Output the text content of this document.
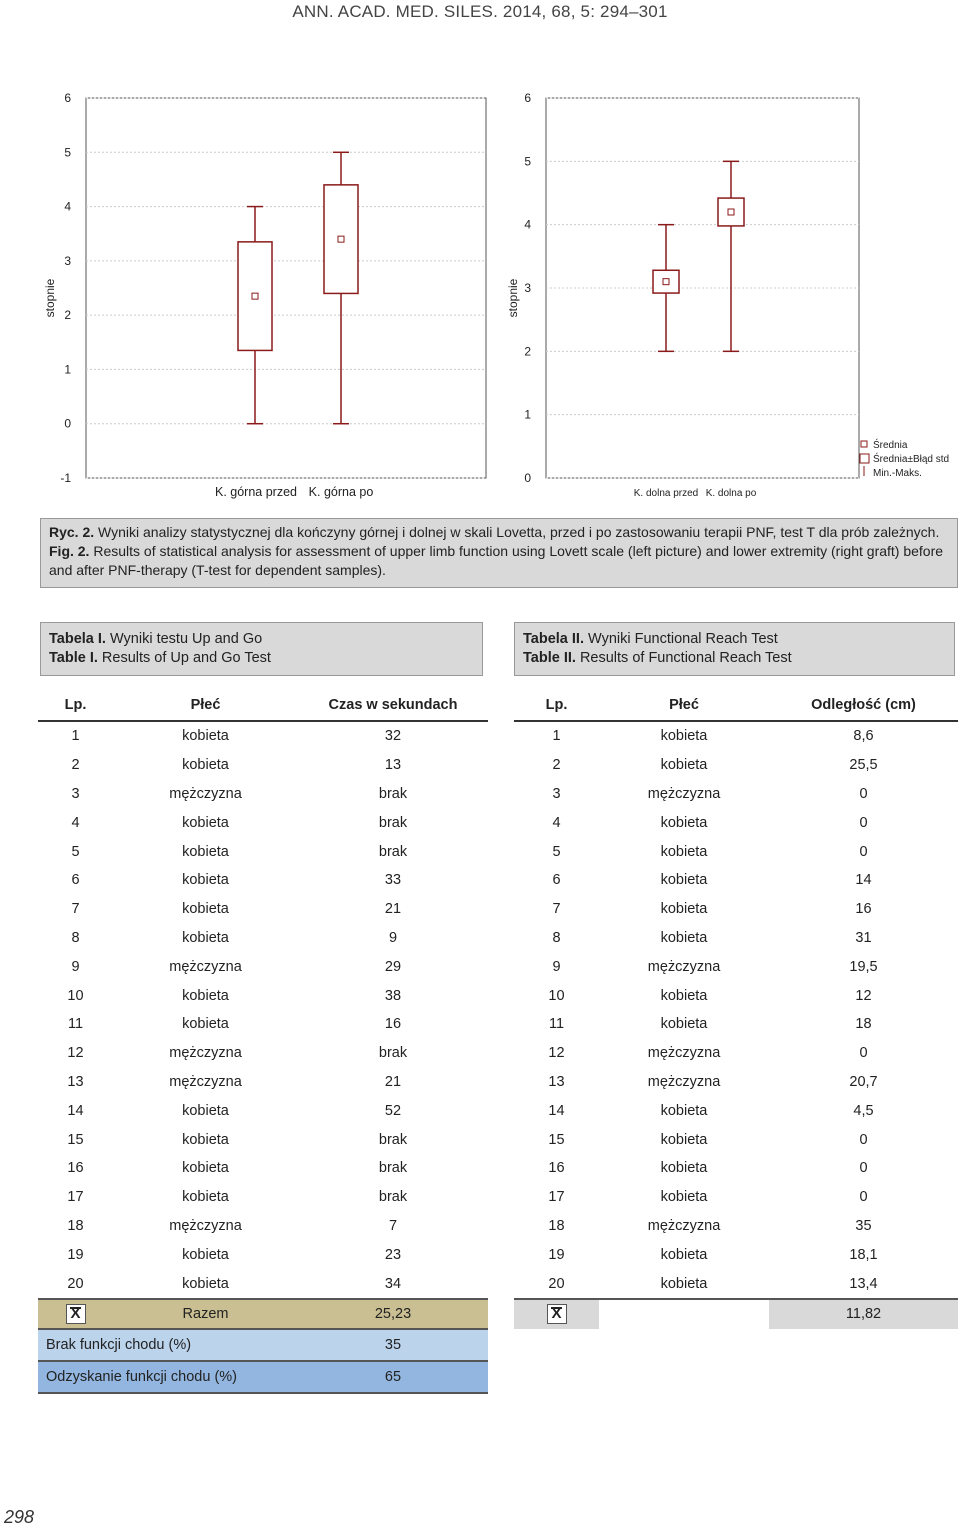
ANN. ACAD. MED. SILES. 2014, 68, 5: 294–301
-1
0
1
2
3
4
5
6
stopnie
K. górna przed K. górna po
0
1
2
3
4
5
6
stopnie
K. dolna przed K. dolna po
Średnia
Średnia±Błąd std
Min.-Maks.
Ryc. 2. Wyniki analizy statystycznej dla kończyny górnej i dolnej w skali Lovetta, przed i po zastosowaniu terapii PNF, test T dla prób zależnych.
Fig. 2. Results of statistical analysis for assessment of upper limb function using Lovett scale (left picture) and lower extremity (right graft) before and after PNF-therapy (T-test for dependent samples).
Tabela I. Wyniki testu Up and Go
Table I. Results of Up and Go Test
Tabela II. Wyniki Functional Reach Test
Table II. Results of Functional Reach Test
Lp.	Płeć	Czas w sekundach
1	kobieta	32
2	kobieta	13
3	mężczyzna	brak
4	kobieta	brak
5	kobieta	brak
6	kobieta	33
7	kobieta	21
8	kobieta	9
9	mężczyzna	29
10	kobieta	38
11	kobieta	16
12	mężczyzna	brak
13	mężczyzna	21
14	kobieta	52
15	kobieta	brak
16	kobieta	brak
17	kobieta	brak
18	mężczyzna	7
19	kobieta	23
20	kobieta	34
X	Razem	25,23
Brak funkcji chodu (%)	35	
Odzyskanie funkcji chodu (%)	65	
Lp.	Płeć	Odległość (cm)
1	kobieta	8,6
2	kobieta	25,5
3	mężczyzna	0
4	kobieta	0
5	kobieta	0
6	kobieta	14
7	kobieta	16
8	kobieta	31
9	mężczyzna	19,5
10	kobieta	12
11	kobieta	18
12	mężczyzna	0
13	mężczyzna	20,7
14	kobieta	4,5
15	kobieta	0
16	kobieta	0
17	kobieta	0
18	mężczyzna	35
19	kobieta	18,1
20	kobieta	13,4
X		11,82
298
